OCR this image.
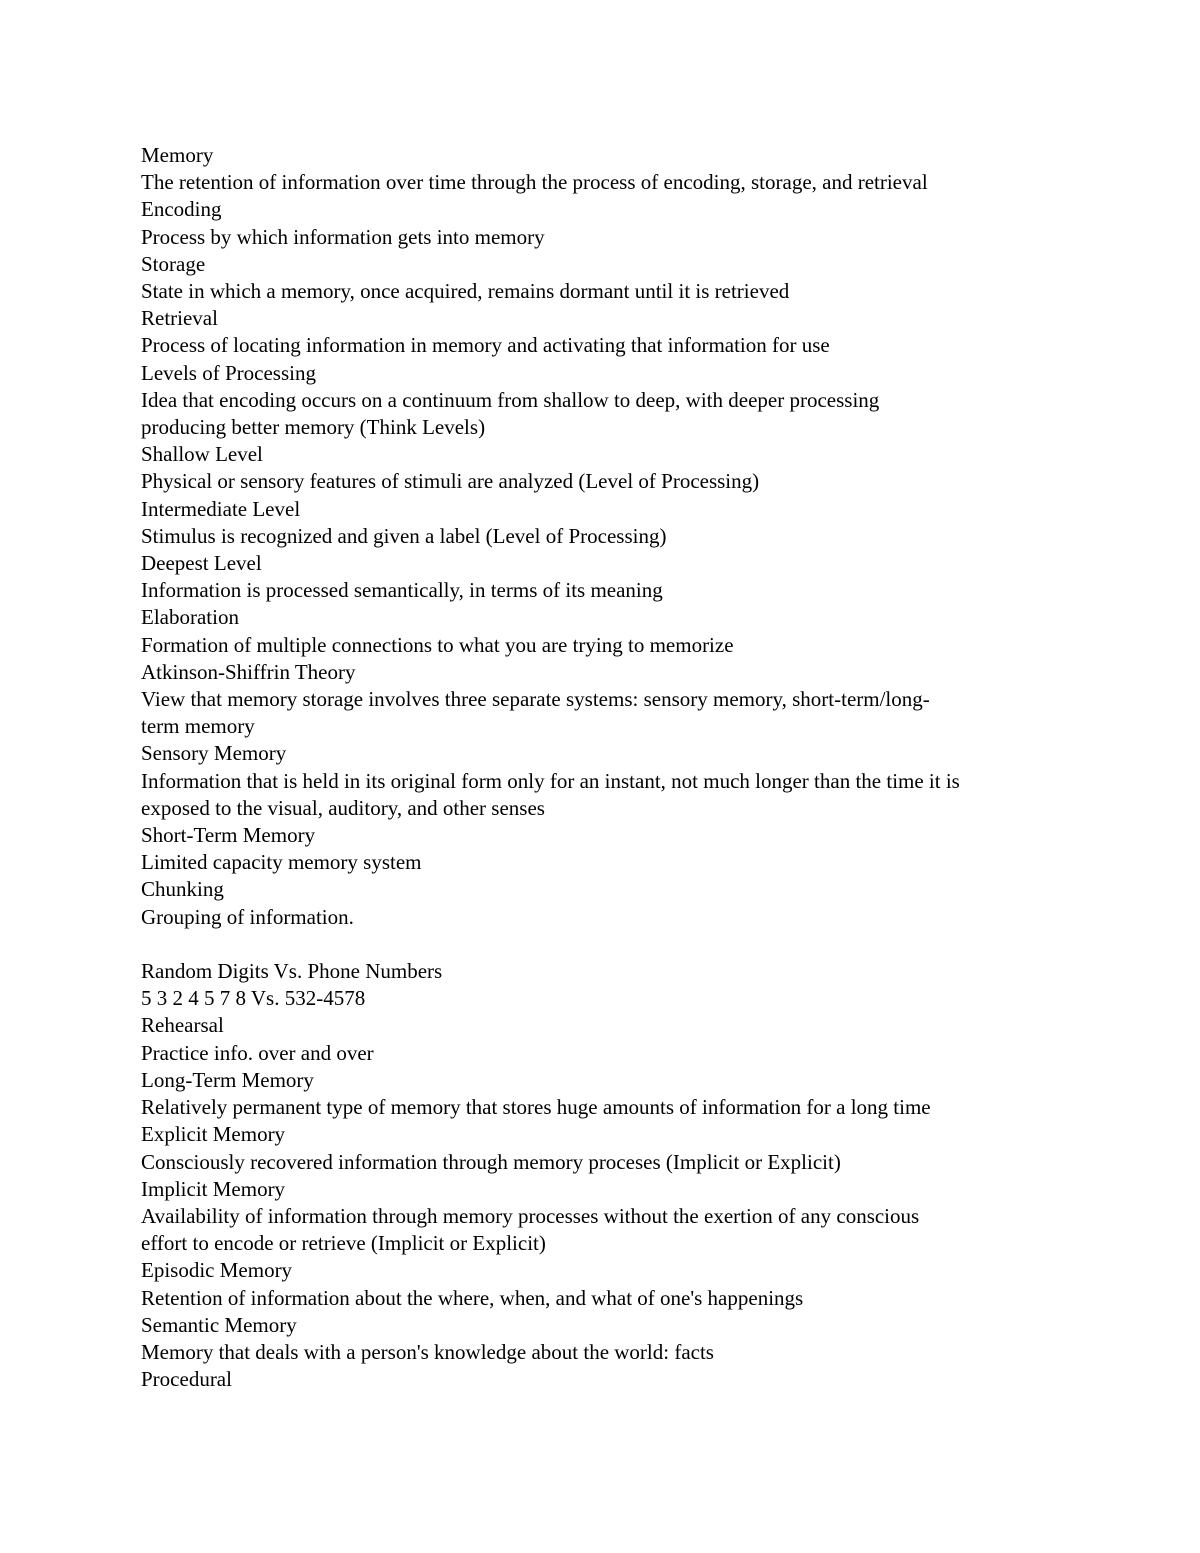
Memory
The retention of information over time through the process of encoding, storage, and retrieval
Encoding
Process by which information gets into memory
Storage
State in which a memory, once acquired, remains dormant until it is retrieved
Retrieval
Process of locating information in memory and activating that information for use
Levels of Processing
Idea that encoding occurs on a continuum from shallow to deep, with deeper processing
producing better memory (Think Levels)
Shallow Level
Physical or sensory features of stimuli are analyzed (Level of Processing)
Intermediate Level
Stimulus is recognized and given a label (Level of Processing)
Deepest Level
Information is processed semantically, in terms of its meaning
Elaboration
Formation of multiple connections to what you are trying to memorize
Atkinson-Shiffrin Theory
View that memory storage involves three separate systems: sensory memory, short-term/long-
term memory
Sensory Memory
Information that is held in its original form only for an instant, not much longer than the time it is
exposed to the visual, auditory, and other senses
Short-Term Memory
Limited capacity memory system
Chunking
Grouping of information.
Random Digits Vs. Phone Numbers
5 3 2 4 5 7 8 Vs. 532-4578
Rehearsal
Practice info. over and over
Long-Term Memory
Relatively permanent type of memory that stores huge amounts of information for a long time
Explicit Memory
Consciously recovered information through memory proceses (Implicit or Explicit)
Implicit Memory
Availability of information through memory processes without the exertion of any conscious
effort to encode or retrieve (Implicit or Explicit)
Episodic Memory
Retention of information about the where, when, and what of one's happenings
Semantic Memory
Memory that deals with a person's knowledge about the world: facts
Procedural
